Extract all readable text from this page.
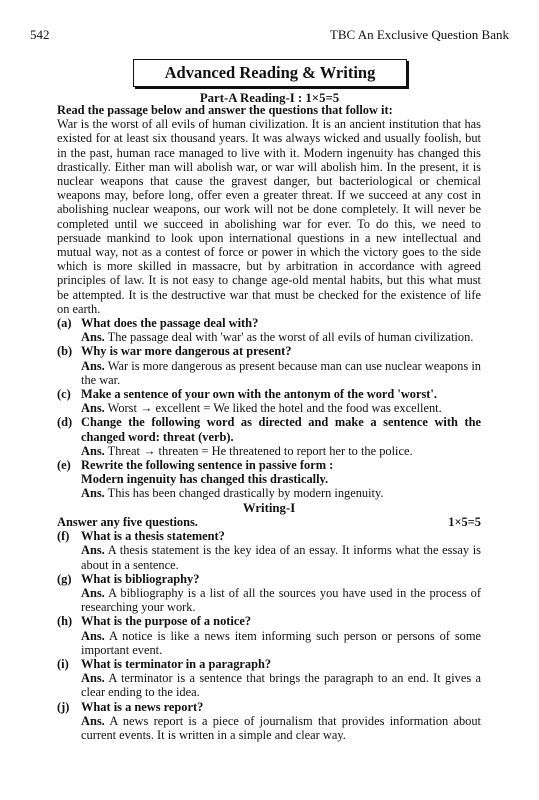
542	TBC An Exclusive Question Bank
Advanced Reading & Writing
Part-A Reading-I : 1×5=5
Read the passage below and answer the questions that follow it:
War is the worst of all evils of human civilization. It is an ancient institution that has existed for at least six thousand years. It was always wicked and usually foolish, but in the past, human race managed to live with it. Modern ingenuity has changed this drastically. Either man will abolish war, or war will abolish him. In the present, it is nuclear weapons that cause the gravest danger, but bacteriological or chemical weapons may, before long, offer even a greater threat. If we succeed at any cost in abolishing nuclear weapons, our work will not be done completely. It will never be completed until we succeed in abolishing war for ever. To do this, we need to persuade mankind to look upon international questions in a new intellectual and mutual way, not as a contest of force or power in which the victory goes to the side which is more skilled in massacre, but by arbitration in accordance with agreed principles of law. It is not easy to change age-old mental habits, but this what must be attempted. It is the destructive war that must be checked for the existence of life on earth.
(a) What does the passage deal with?
Ans. The passage deal with 'war' as the worst of all evils of human civilization.
(b) Why is war more dangerous at present?
Ans. War is more dangerous as present because man can use nuclear weapons in the war.
(c) Make a sentence of your own with the antonym of the word 'worst'.
Ans. Worst → excellent = We liked the hotel and the food was excellent.
(d) Change the following word as directed and make a sentence with the changed word: threat (verb).
Ans. Threat → threaten = He threatened to report her to the police.
(e) Rewrite the following sentence in passive form :
Modern ingenuity has changed this drastically.
Ans. This has been changed drastically by modern ingenuity.
Writing-I
Answer any five questions.	1×5=5
(f) What is a thesis statement?
Ans. A thesis statement is the key idea of an essay. It informs what the essay is about in a sentence.
(g) What is bibliography?
Ans. A bibliography is a list of all the sources you have used in the process of researching your work.
(h) What is the purpose of a notice?
Ans. A notice is like a news item informing such person or persons of some important event.
(i) What is terminator in a paragraph?
Ans. A terminator is a sentence that brings the paragraph to an end. It gives a clear ending to the idea.
(j) What is a news report?
Ans. A news report is a piece of journalism that provides information about current events. It is written in a simple and clear way.
